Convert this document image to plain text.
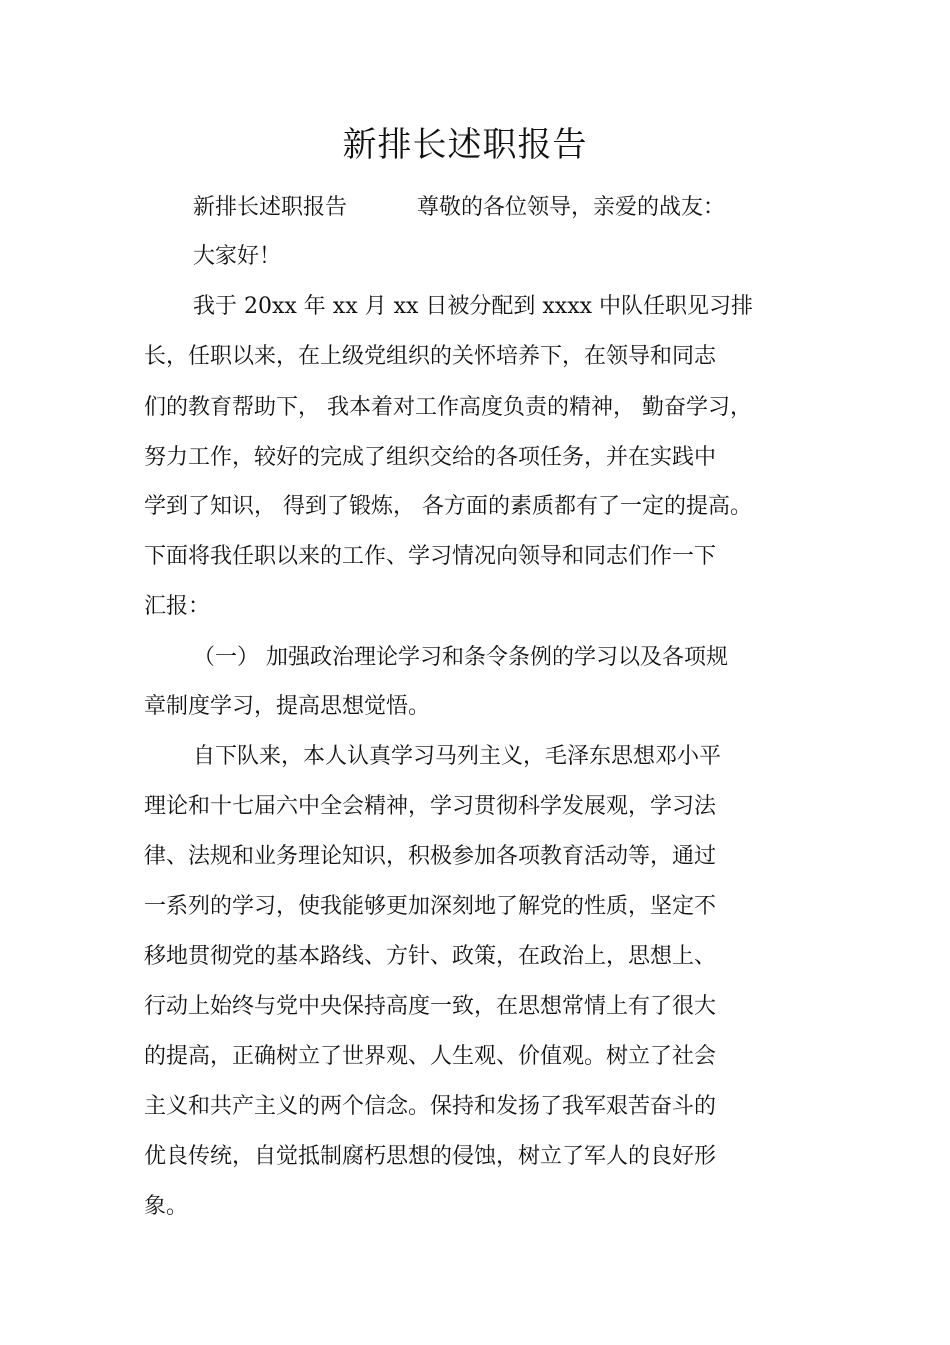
新排长述职报告
新排长述职报告	尊敬的各位领导，亲爱的战友：
大家好！
我于 20xx 年 xx 月 xx 日被分配到 xxxx 中队任职见习排
长，任职以来，在上级党组织的关怀培养下，在领导和同志
们的教育帮助下， 我本着对工作高度负责的精神， 勤奋学习，
努力工作，较好的完成了组织交给的各项任务，并在实践中
学到了知识， 得到了锻炼， 各方面的素质都有了一定的提高。
下面将我任职以来的工作、学习情况向领导和同志们作一下
汇报：
（一） 加强政治理论学习和条令条例的学习以及各项规
章制度学习，提高思想觉悟。
自下队来，本人认真学习马列主义，毛泽东思想邓小平
理论和十七届六中全会精神，学习贯彻科学发展观，学习法
律、法规和业务理论知识，积极参加各项教育活动等，通过
一系列的学习，使我能够更加深刻地了解党的性质，坚定不
移地贯彻党的基本路线、方针、政策，在政治上，思想上、
行动上始终与党中央保持高度一致，在思想常情上有了很大
的提高，正确树立了世界观、人生观、价值观。树立了社会
主义和共产主义的两个信念。保持和发扬了我军艰苦奋斗的
优良传统，自觉抵制腐朽思想的侵蚀，树立了军人的良好形
象。
